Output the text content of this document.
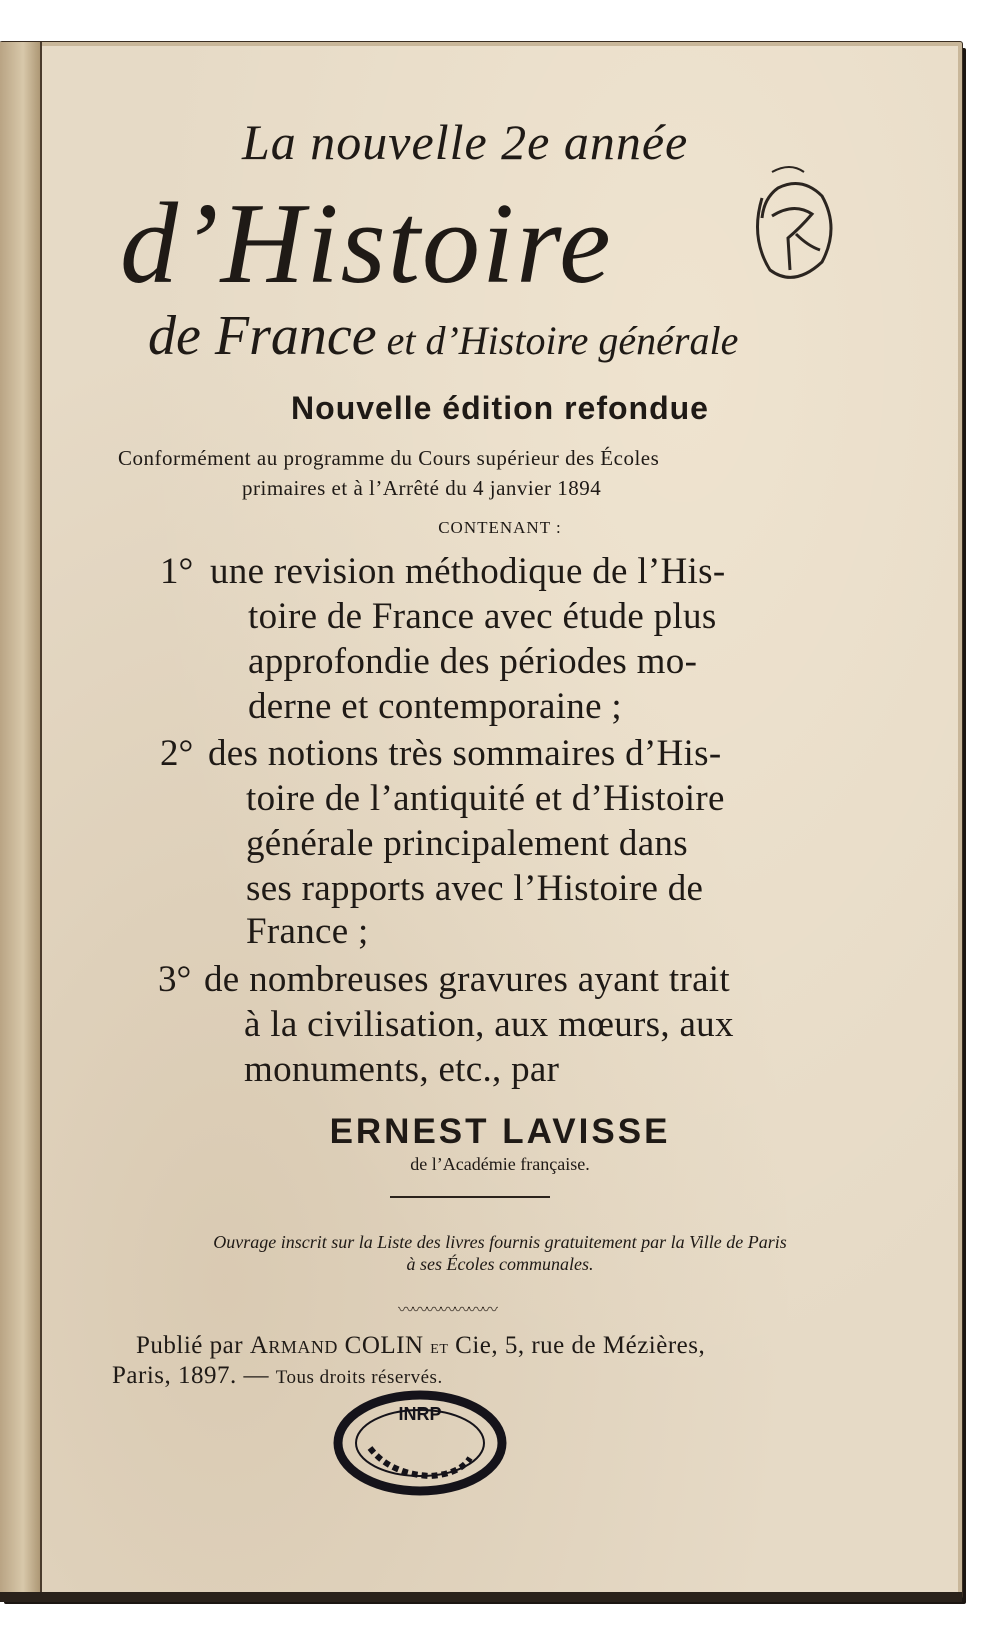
La nouvelle 2e année
d’Histoire
de France et d’Histoire générale
Nouvelle édition refondue
Conformément au programme du Cours supérieur des Écoles
primaires et à l’Arrêté du 4 janvier 1894
CONTENANT :
1° une revision méthodique de l’His-
toire de France avec étude plus
approfondie des périodes mo-
derne et contemporaine ;
2° des notions très sommaires d’His-
toire de l’antiquité et d’Histoire
générale principalement dans
ses rapports avec l’Histoire de
France ;
3° de nombreuses gravures ayant trait
à la civilisation, aux mœurs, aux
monuments, etc., par
ERNEST LAVISSE
de l’Académie française.
Ouvrage inscrit sur la Liste des livres fournis gratuitement par la Ville de Paris
à ses Écoles communales.
〰〰〰〰〰〰〰
Publié par Armand COLIN et Cie, 5, rue de Mézières,
Paris, 1897. — Tous droits réservés.
INRP
